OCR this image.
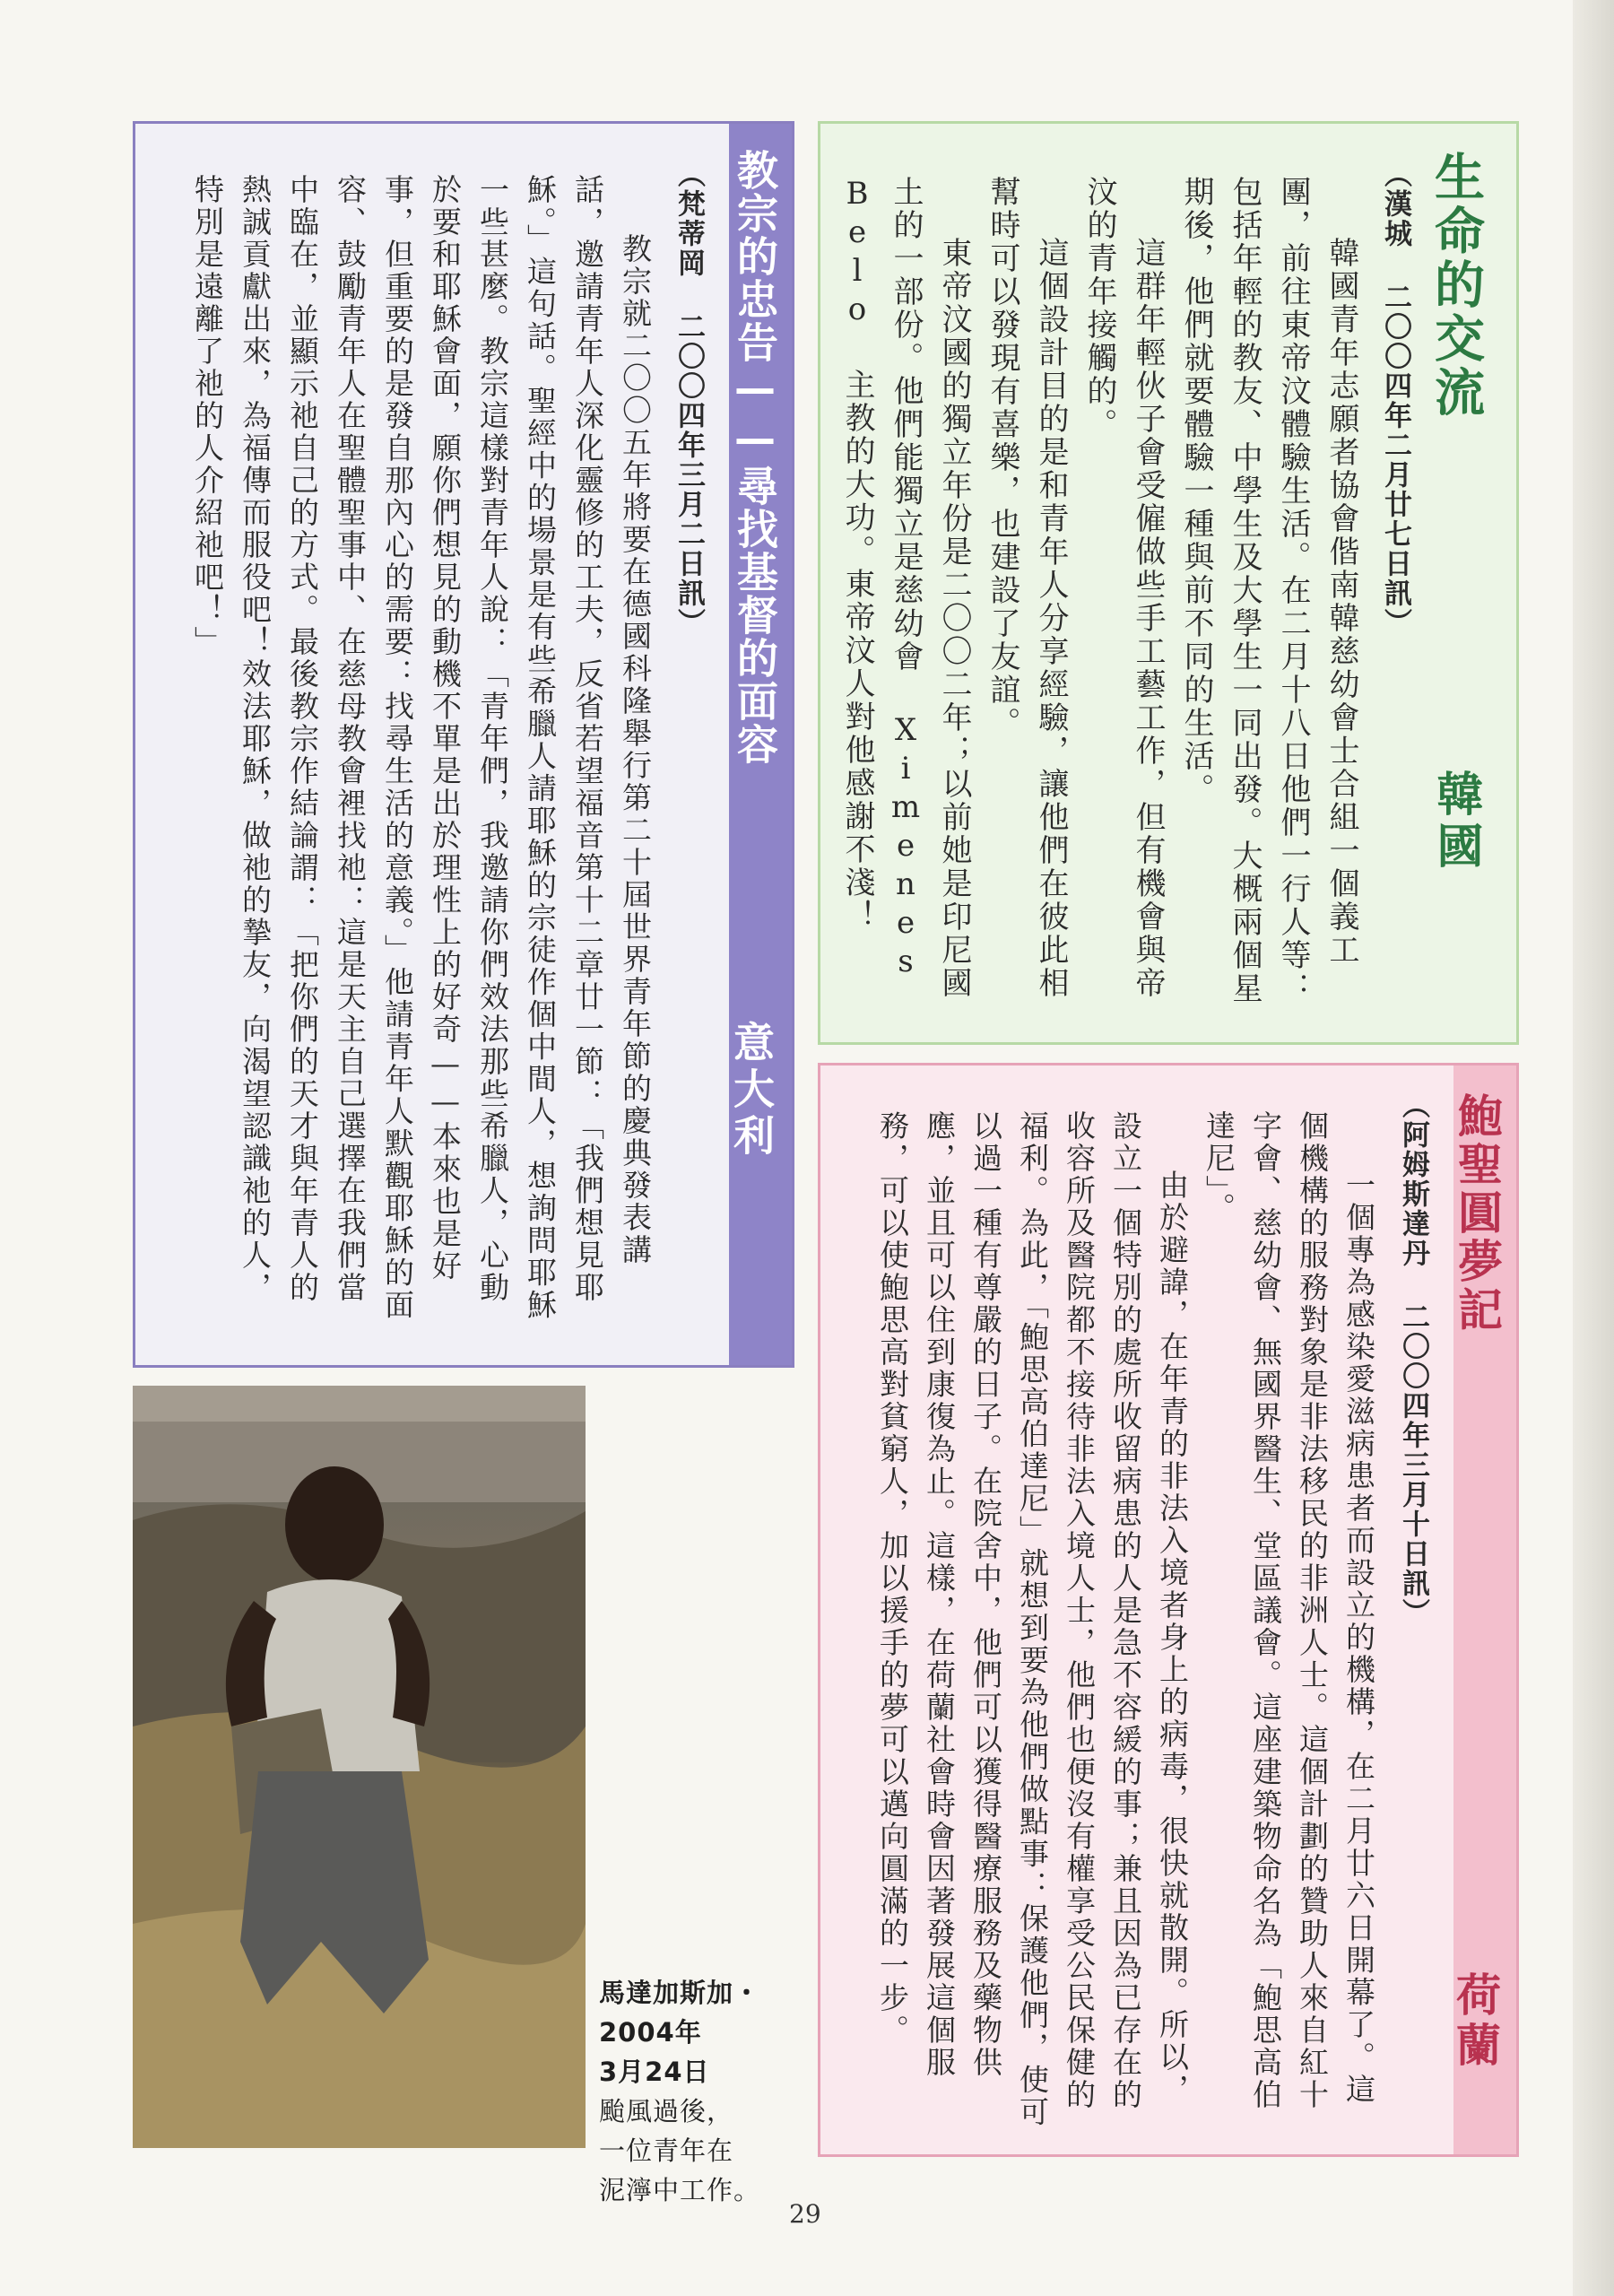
生命的交流
韓國
（漢城 二〇〇四年二月廿七日訊）

韓國青年志願者協會偕南韓慈幼會士合組一個義工團，前往東帝汶體驗生活。在二月十八日他們一行人等：包括年輕的教友、中學生及大學生一同出發。大概兩個星期後，他們就要體驗一種與前不同的生活。

這群年輕伙子會受僱做些手工藝工作，但有機會與帝汶的青年接觸的。

這個設計目的是和青年人分享經驗，讓他們在彼此相幫時可以發現有喜樂，也建設了友誼。

東帝汶國的獨立年份是二〇〇二年；以前她是印尼國土的一部份。他們能獨立是慈幼會 Ximenes Belo 主教的大功。東帝汶人對他感謝不淺！

教宗的忠告——尋找基督的面容
意大利
（梵蒂岡 二〇〇四年三月二日訊）

教宗就二〇〇五年將要在德國科隆舉行第二十屆世界青年節的慶典發表講話，邀請青年人深化靈修的工夫，反省若望福音第十二章廿一節：「我們想見耶穌。」這句話。聖經中的場景是有些希臘人請耶穌的宗徒作個中間人，想詢問耶穌一些甚麼。教宗這樣對青年人說：「青年們，我邀請你們效法那些希臘人，心動於要和耶穌會面，願你們想見的動機不單是出於理性上的好奇——本來也是好事，但重要的是發自那內心的需要：找尋生活的意義。」他請青年人默觀耶穌的面容、鼓勵青年人在聖體聖事中、在慈母教會裡找祂：這是天主自己選擇在我們當中臨在，並顯示祂自己的方式。最後教宗作結論謂：「把你們的天才與年青人的熱誠貢獻出來，為福傳而服役吧！效法耶穌，做祂的摯友，向渴望認識祂的人，特別是遠離了祂的人介紹祂吧！」

鮑聖圓夢記
荷蘭
（阿姆斯達丹 二〇〇四年三月十日訊）

一個專為感染愛滋病患者而設立的機構，在二月廿六日開幕了。這個機構的服務對象是非法移民的非洲人士。這個計劃的贊助人來自紅十字會、慈幼會、無國界醫生、堂區議會。這座建築物命名為「鮑思高伯達尼」。

由於避諱，在年青的非法入境者身上的病毒，很快就散開。所以，設立一個特別的處所收留病患的人是急不容緩的事；兼且因為已存在的收容所及醫院都不接待非法入境人士，他們也便沒有權享受公民保健的福利。為此，「鮑思高伯達尼」就想到要為他們做點事：保護他們，使可以過一種有尊嚴的日子。在院舍中，他們可以獲得醫療服務及藥物供應，並且可以住到康復為止。這樣，在荷蘭社會時會因著發展這個服務，可以使鮑思高對貧窮人，加以援手的夢可以邁向圓滿的一步。

馬達加斯加・
2004年
3月24日
颱風過後，
一位青年在
泥濘中工作。
29
